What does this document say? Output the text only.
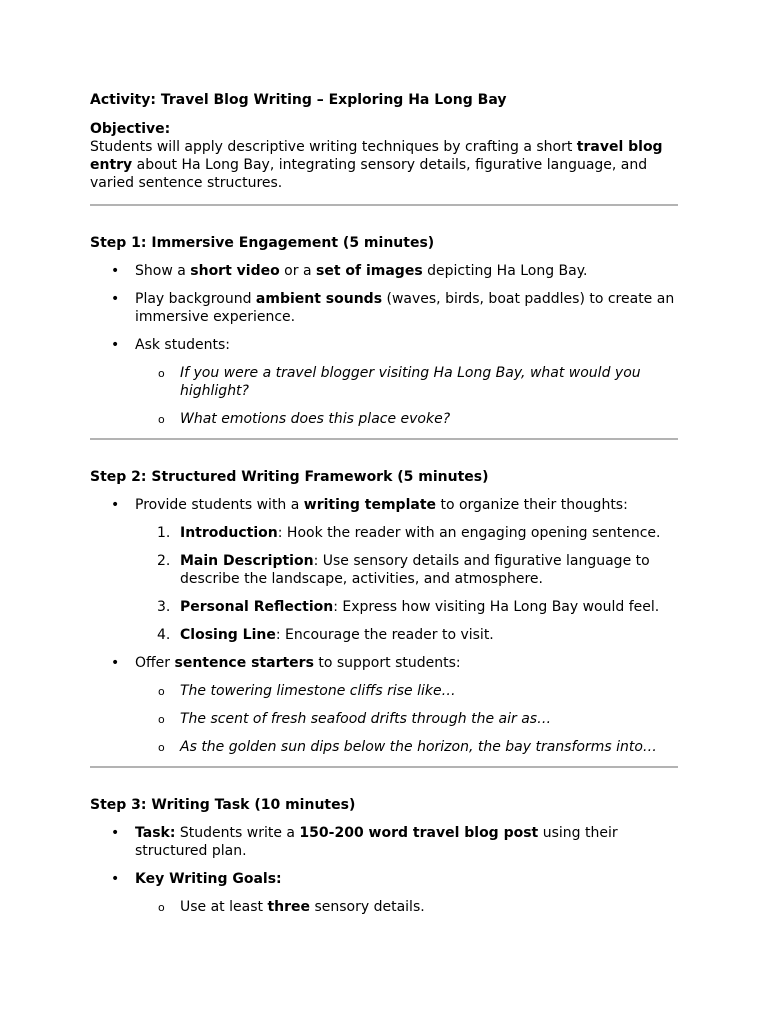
Activity: Travel Blog Writing – Exploring Ha Long Bay
Objective:

Students will apply descriptive writing techniques by crafting a short travel blog entry about Ha Long Bay, integrating sensory details, figurative language, and varied sentence structures.

Step 1: Immersive Engagement (5 minutes)
• Show a short video or a set of images depicting Ha Long Bay.
• Play background ambient sounds (waves, birds, boat paddles) to create an immersive experience.
• Ask students:
o If you were a travel blogger visiting Ha Long Bay, what would you highlight?
o What emotions does this place evoke?
Step 2: Structured Writing Framework (5 minutes)
• Provide students with a writing template to organize their thoughts:
1. Introduction: Hook the reader with an engaging opening sentence.
2. Main Description: Use sensory details and figurative language to describe the landscape, activities, and atmosphere.
3. Personal Reflection: Express how visiting Ha Long Bay would feel.
4. Closing Line: Encourage the reader to visit.
• Offer sentence starters to support students:
o The towering limestone cliffs rise like…
o The scent of fresh seafood drifts through the air as…
o As the golden sun dips below the horizon, the bay transforms into…
Step 3: Writing Task (10 minutes)
• Task: Students write a 150-200 word travel blog post using their structured plan.
• Key Writing Goals:
o Use at least three sensory details.
